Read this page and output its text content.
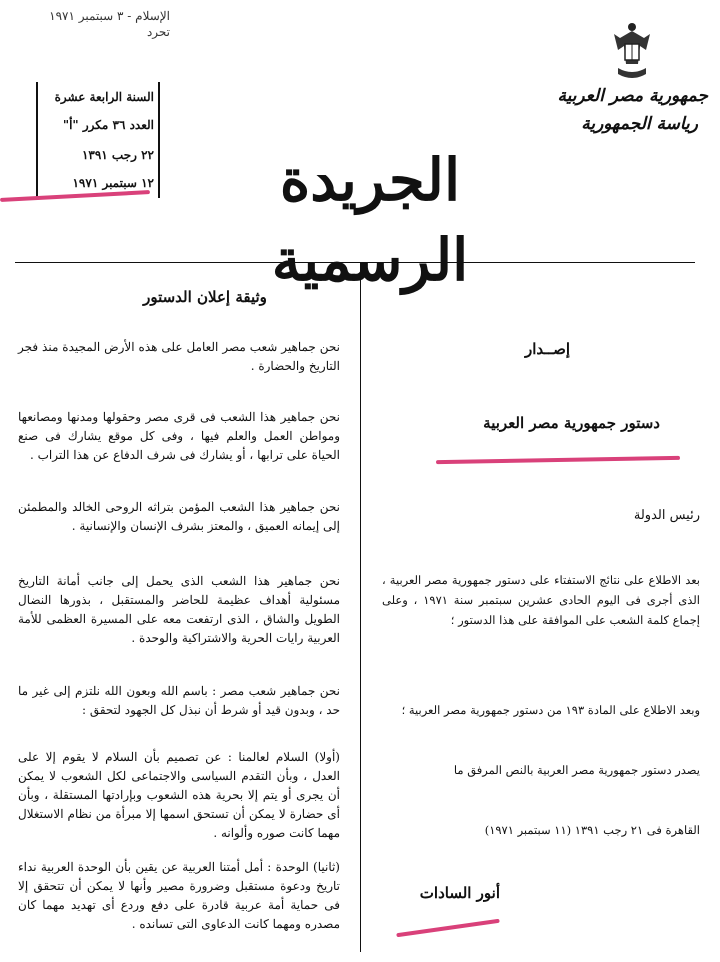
الإسلام - ٣ سبتمبر ١٩٧١
تحرد
السنة الرابعة عشرة
العدد ٣٦ مكرر "أ"
٢٢ رجب ١٣٩١
١٢ سبتمبر ١٩٧١
جمهورية مصر العربية
رياسة الجمهورية
الجريدة الرسمية
وثيقة إعلان الدستور
نحن جماهير شعب مصر العامل على هذه الأرض المجيدة منذ فجر التاريخ والحضارة .
نحن جماهير هذا الشعب فى قرى مصر وحقولها ومدنها ومصانعها ومواطن العمل والعلم فيها ، وفى كل موقع يشارك فى صنع الحياة على ترابها ، أو يشارك فى شرف الدفاع عن هذا التراب .
نحن جماهير هذا الشعب المؤمن بتراثه الروحى الخالد والمطمئن إلى إيمانه العميق ، والمعتز بشرف الإنسان والإنسانية .
نحن جماهير هذا الشعب الذى يحمل إلى جانب أمانة التاريخ مسئولية أهداف عظيمة للحاضر والمستقبل ، بذورها النضال الطويل والشاق ، الذى ارتفعت معه على المسيرة العظمى للأمة العربية رايات الحرية والاشتراكية والوحدة .
نحن جماهير شعب مصر : باسم الله وبعون الله نلتزم إلى غير ما حد ، وبدون قيد أو شرط أن نبذل كل الجهود لتحقق :
(أولا) السلام لعالمنا : عن تصميم بأن السلام لا يقوم إلا على العدل ، وبأن التقدم السياسى والاجتماعى لكل الشعوب لا يمكن أن يجرى أو يتم إلا بحرية هذه الشعوب وبإرادتها المستقلة ، وبأن أى حضارة لا يمكن أن تستحق اسمها إلا مبرأة من نظام الاستغلال مهما كانت صوره وألوانه .
(ثانيا) الوحدة : أمل أمتنا العربية عن يقين بأن الوحدة العربية نداء تاريخ ودعوة مستقبل وضرورة مصير وأنها لا يمكن أن تتحقق إلا فى حماية أمة عربية قادرة على دفع وردع أى تهديد مهما كان مصدره ومهما كانت الدعاوى التى تسانده .
إصــدار
دستور جمهورية مصر العربية
رئيس الدولة
بعد الاطلاع على نتائج الاستفتاء على دستور جمهورية مصر العربية ، الذى أجرى فى اليوم الحادى عشرين سبتمبر سنة ١٩٧١ ، وعلى إجماع كلمة الشعب على الموافقة على هذا الدستور ؛
وبعد الاطلاع على المادة ١٩٣ من دستور جمهورية مصر العربية ؛
يصدر دستور جمهورية مصر العربية بالنص المرفق ما
القاهرة فى ٢١ رجب ١٣٩١ (١١ سبتمبر ١٩٧١)
أنور السادات
